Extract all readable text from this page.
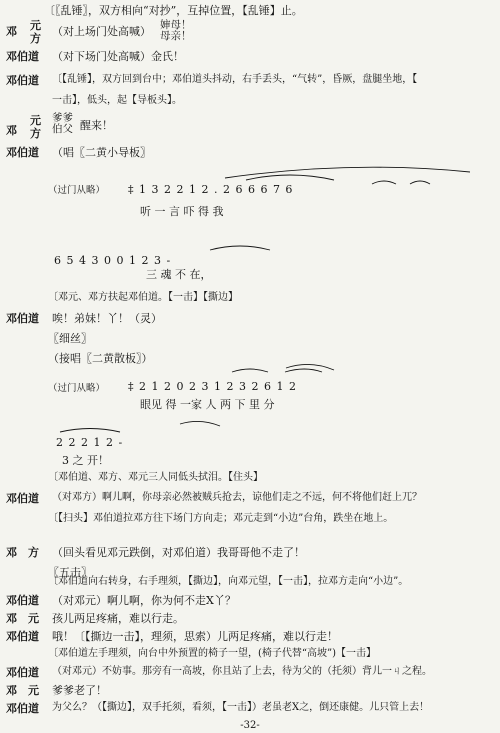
〔〖乱锤〗，双方相向“对抄”，互掉位置，【乱锤】止。
邓 元
方
（对上场门处高喊） 婶母！
母亲！
邓伯道 （对下场门处高喊）金氏！
邓伯道 〔【乱锤】，双方回到台中；邓伯道头抖动，右手丢头，“气转”，昏厥，盘腿坐地，【
一击】，低头，起【导板头】。
邓
元
方
爹爹
伯父 醒来！
邓伯道 （唱〖二黄小导板〗
（过门从略） ‡ 1 3 2 2 1 2 . 2 6 6 6 7 6
听 一 言 吓 得 我
6 5 4 3 0 0 1 2 3 -
三 魂 不 在，
〔邓元、邓方扶起邓伯道。【一击】【撕边】
邓伯道 唉！弟妹！丫！（灵）
〖细丝〗
（接唱〖二黄散板〗）
（过门从略） ‡ 2 1 2 0 2 3 1 2 3 2 6 1 2
眼见 得 一家 人 两 下 里 分
2 2 2 1 2 -
3 之 开！
〔邓伯道、邓方、邓元三人同低头拭泪。【住头】
邓伯道 （对邓方）啊儿啊，你母亲必然被贼兵抢去，谅他们走之不远，何不将他们赶上兀？
〔【扫头】邓伯道拉邓方往下场门方向走；邓元走到“小边”台角，跌坐在地上。
邓　方 （回头看见邓元跌倒，对邓伯道）我哥哥他不走了！
〖五击〗
〔邓伯道向右转身，右手理须，【撕边】，向邓元望，【一击】，拉邓方走向“小边”。
邓伯道 （对邓元）啊儿啊，你为何不走X丫？
邓　元 孩儿两足疼痛，难以行走。
邓伯道 哦！〔【撕边一击】，理须，思索）儿两足疼痛，难以行走！
〔邓伯道左手理须，向台中外预置的椅子一望，(椅子代替“高坡”)【一击】
邓伯道 （对邓元）不妨事。那旁有一高坡，你且站了上去，待为父的（托须）背儿一ㄐ之程。
邓　元 爹爹老了！
邓伯道 为父么？（【撕边】，双手托须，看须，【一击】）老虽老X之，倒还康健。儿只管上去！
-32-
